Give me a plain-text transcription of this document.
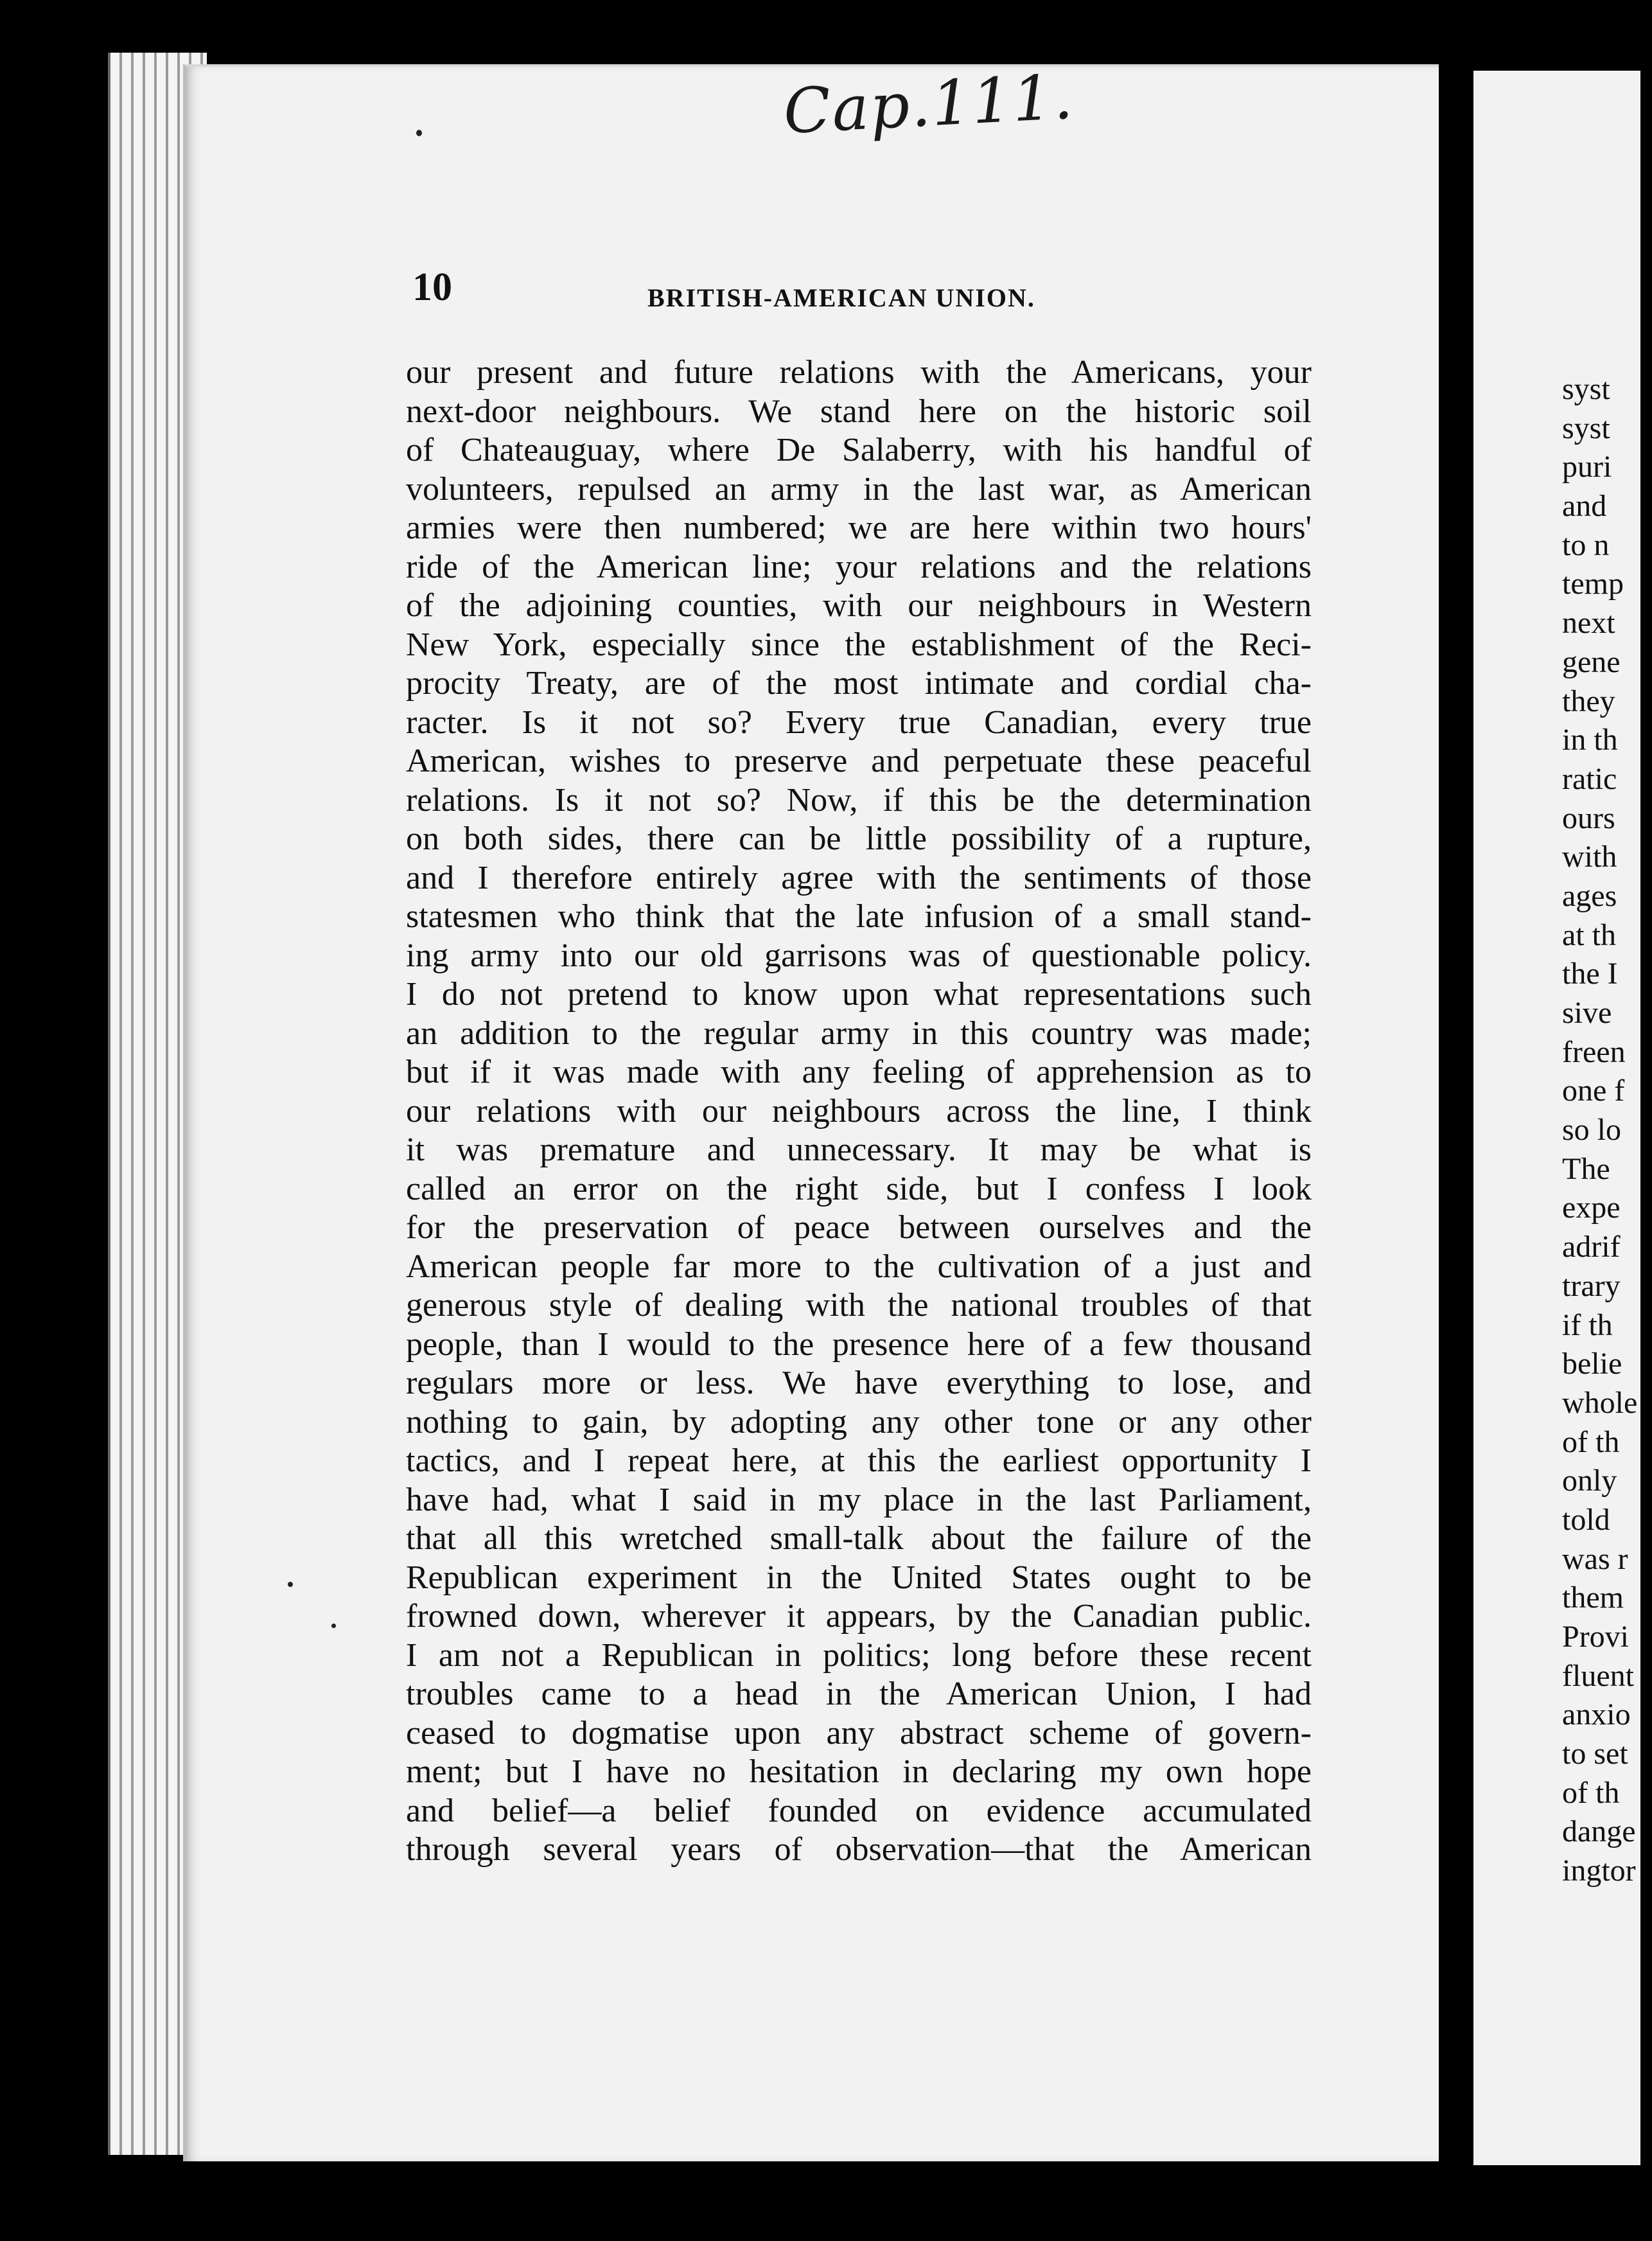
Cap.111.
10	BRITISH-AMERICAN UNION.
our present and future relations with the Americans, your
next-door neighbours. We stand here on the historic soil
of Chateauguay, where De Salaberry, with his handful of
volunteers, repulsed an army in the last war, as American
armies were then numbered; we are here within two hours'
ride of the American line; your relations and the relations
of the adjoining counties, with our neighbours in Western
New York, especially since the establishment of the Reci-
procity Treaty, are of the most intimate and cordial cha-
racter. Is it not so? Every true Canadian, every true
American, wishes to preserve and perpetuate these peaceful
relations. Is it not so? Now, if this be the determination
on both sides, there can be little possibility of a rupture,
and I therefore entirely agree with the sentiments of those
statesmen who think that the late infusion of a small stand-
ing army into our old garrisons was of questionable policy.
I do not pretend to know upon what representations such
an addition to the regular army in this country was made;
but if it was made with any feeling of apprehension as to
our relations with our neighbours across the line, I think
it was premature and unnecessary. It may be what is
called an error on the right side, but I confess I look
for the preservation of peace between ourselves and the
American people far more to the cultivation of a just and
generous style of dealing with the national troubles of that
people, than I would to the presence here of a few thousand
regulars more or less. We have everything to lose, and
nothing to gain, by adopting any other tone or any other
tactics, and I repeat here, at this the earliest opportunity I
have had, what I said in my place in the last Parliament,
that all this wretched small-talk about the failure of the
Republican experiment in the United States ought to be
frowned down, wherever it appears, by the Canadian public.
I am not a Republican in politics; long before these recent
troubles came to a head in the American Union, I had
ceased to dogmatise upon any abstract scheme of govern-
ment; but I have no hesitation in declaring my own hope
and belief—a belief founded on evidence accumulated
through several years of observation—that the American
syst
syst
puri
and
to n
temp
next
gene
they
in th
ratic
ours
with
ages
at th
the I
sive
freen
one f
so lo
The
expe
adrif
trary
if th
belie
whole
of th
only
told
was r
them
Provi
fluent
anxio
to set
of th
dange
ingtor
